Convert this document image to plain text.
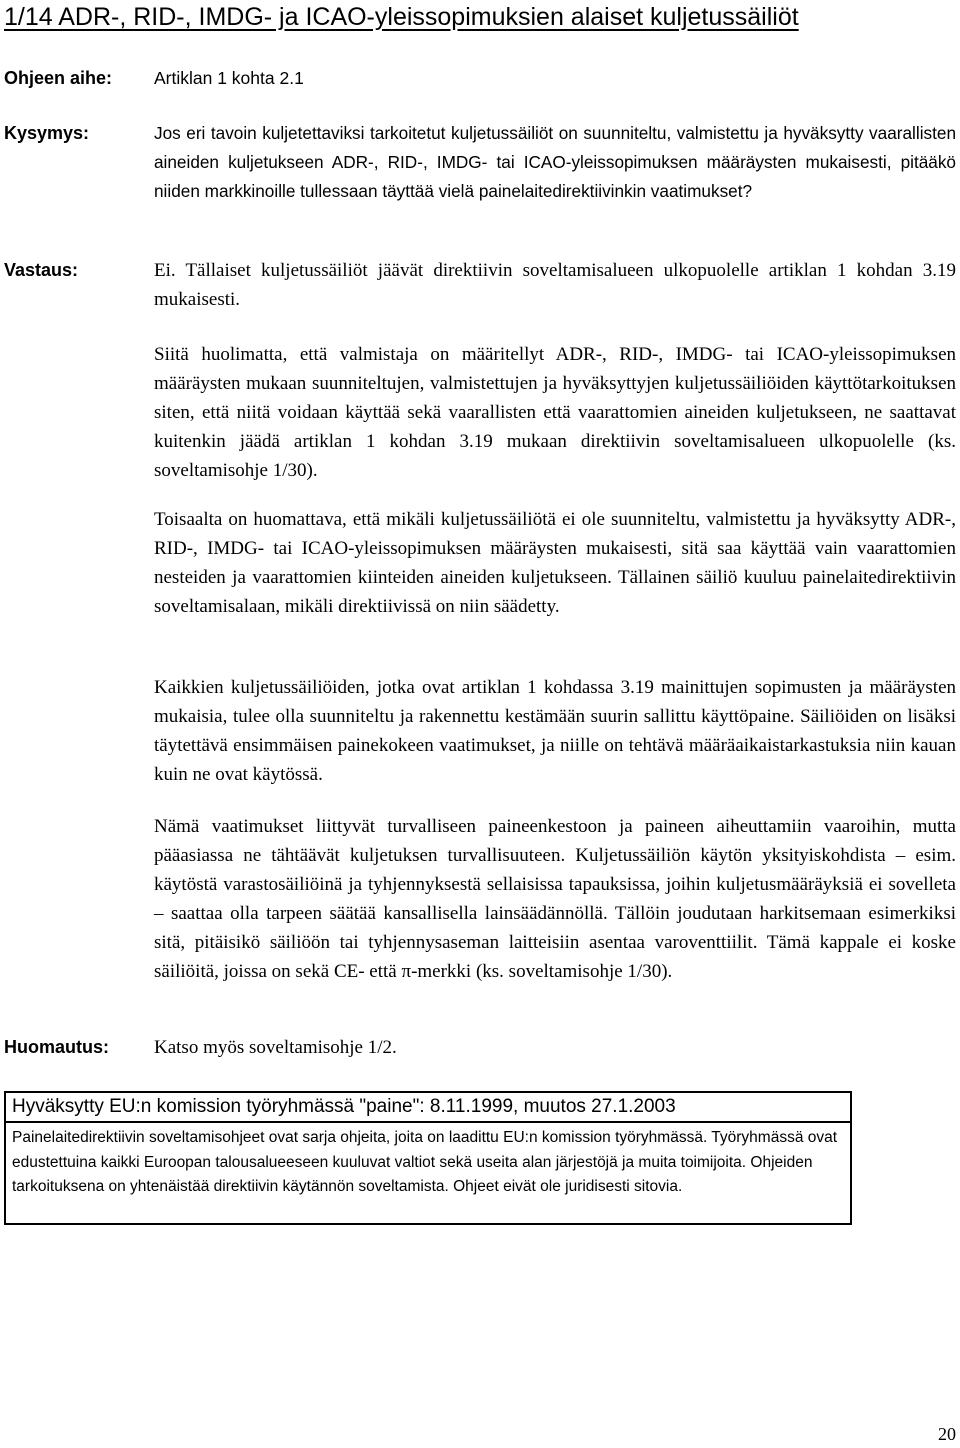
1/14 ADR-, RID-, IMDG- ja ICAO-yleissopimuksien alaiset kuljetussäiliöt
Ohjeen aihe:	Artiklan 1 kohta 2.1
Kysymys:	Jos eri tavoin kuljetettaviksi tarkoitetut kuljetussäiliöt on suunniteltu, valmistettu ja hyväksytty vaarallisten aineiden kuljetukseen ADR-, RID-, IMDG- tai ICAO-yleissopimuksen määräysten mukaisesti, pitääkö niiden markkinoille tullessaan täyttää vielä painelaitedirektiivinkin vaatimukset?
Vastaus:	Ei. Tällaiset kuljetussäiliöt jäävät direktiivin soveltamisalueen ulkopuolelle artiklan 1 kohdan 3.19 mukaisesti.
Siitä huolimatta, että valmistaja on määritellyt ADR-, RID-, IMDG- tai ICAO-yleissopimuksen määräysten mukaan suunniteltujen, valmistettujen ja hyväksyttyjen kuljetussäiliöiden käyttötarkoituksen siten, että niitä voidaan käyttää sekä vaarallisten että vaarattomien aineiden kuljetukseen, ne saattavat kuitenkin jäädä artiklan 1 kohdan 3.19 mukaan direktiivin soveltamisalueen ulkopuolelle (ks. soveltamisohje 1/30).
Toisaalta on huomattava, että mikäli kuljetussäiliötä ei ole suunniteltu, valmistettu ja hyväksytty ADR-, RID-, IMDG- tai ICAO-yleissopimuksen määräysten mukaisesti, sitä saa käyttää vain vaarattomien nesteiden ja vaarattomien kiinteiden aineiden kuljetukseen. Tällainen säiliö kuuluu painelaitedirektiivin soveltamisalaan, mikäli direktiivissä on niin säädetty.
Kaikkien kuljetussäiliöiden, jotka ovat artiklan 1 kohdassa 3.19 mainittujen sopimusten ja määräysten mukaisia, tulee olla suunniteltu ja rakennettu kestämään suurin sallittu käyttöpaine. Säiliöiden on lisäksi täytettävä ensimmäisen painekokeen vaatimukset, ja niille on tehtävä määräaikaistarkastuksia niin kauan kuin ne ovat käytössä.
Nämä vaatimukset liittyvät turvalliseen paineenkestoon ja paineen aiheuttamiin vaaroihin, mutta pääasiassa ne tähtäävät kuljetuksen turvallisuuteen. Kuljetussäiliön käytön yksityiskohdista – esim. käytöstä varastosäiliöinä ja tyhjennyksestä sellaisissa tapauksissa, joihin kuljetusmääräyksiä ei sovelleta – saattaa olla tarpeen säätää kansallisella lainsäädännöllä. Tällöin joudutaan harkitsemaan esimerkiksi sitä, pitäisikö säiliöön tai tyhjennysaseman laitteisiin asentaa varoventtiilit. Tämä kappale ei koske säiliöitä, joissa on sekä CE- että π-merkki (ks. soveltamisohje 1/30).
Huomautus:	Katso myös soveltamisohje 1/2.
Hyväksytty EU:n komission työryhmässä "paine": 8.11.1999, muutos 27.1.2003
Painelaitedirektiivin soveltamisohjeet ovat sarja ohjeita, joita on laadittu EU:n komission työryhmässä. Työryhmässä ovat edustettuina kaikki Euroopan talousalueeseen kuuluvat valtiot sekä useita alan järjestöjä ja muita toimijoita. Ohjeiden tarkoituksena on yhtenäistää direktiivin käytännön soveltamista. Ohjeet eivät ole juridisesti sitovia.
20
